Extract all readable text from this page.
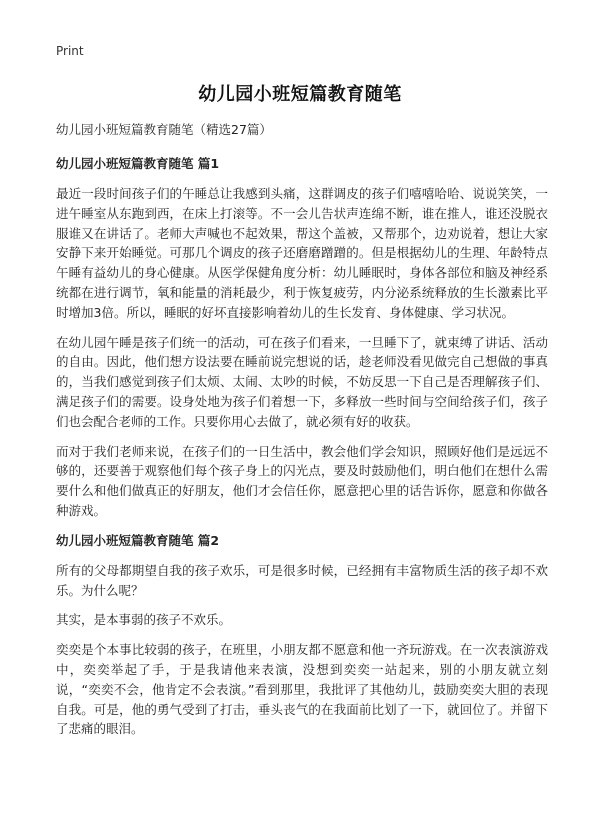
Print
幼儿园小班短篇教育随笔
幼儿园小班短篇教育随笔（精选27篇）
幼儿园小班短篇教育随笔 篇1

最近一段时间孩子们的午睡总让我感到头痛，这群调皮的孩子们嘻嘻哈哈、说说笑笑，一进午睡室从东跑到西，在床上打滚等。不一会儿告状声连绵不断，谁在推人，谁还没脱衣服谁又在讲话了。老师大声喊也不起效果，帮这个盖被，又帮那个，边劝说着，想让大家安静下来开始睡觉。可那几个调皮的孩子还磨磨蹭蹭的。但是根据幼儿的生理、年龄特点午睡有益幼儿的身心健康。从医学保健角度分析：幼儿睡眠时，身体各部位和脑及神经系统都在进行调节，氧和能量的消耗最少，利于恢复疲劳，内分泌系统释放的生长激素比平时增加3倍。所以，睡眠的好坏直接影响着幼儿的生长发育、身体健康、学习状况。

在幼儿园午睡是孩子们统一的活动，可在孩子们看来，一旦睡下了，就束缚了讲话、活动的自由。因此，他们想方设法要在睡前说完想说的话，趁老师没看见做完自己想做的事真的，当我们感觉到孩子们太烦、太闹、太吵的时候，不妨反思一下自己是否理解孩子们、满足孩子们的需要。设身处地为孩子们着想一下，多释放一些时间与空间给孩子们，孩子们也会配合老师的工作。只要你用心去做了，就必须有好的收获。

而对于我们老师来说，在孩子们的一日生活中，教会他们学会知识，照顾好他们是远远不够的，还要善于观察他们每个孩子身上的闪光点，要及时鼓励他们，明白他们在想什么需要什么和他们做真正的好朋友，他们才会信任你，愿意把心里的话告诉你，愿意和你做各种游戏。

幼儿园小班短篇教育随笔 篇2

所有的父母都期望自我的孩子欢乐，可是很多时候，已经拥有丰富物质生活的孩子却不欢乐。为什么呢？

其实，是本事弱的孩子不欢乐。

奕奕是个本事比较弱的孩子，在班里，小朋友都不愿意和他一齐玩游戏。在一次表演游戏中，奕奕举起了手，于是我请他来表演，没想到奕奕一站起来，别的小朋友就立刻说，“奕奕不会，他肯定不会表演。”看到那里，我批评了其他幼儿，鼓励奕奕大胆的表现自我。可是，他的勇气受到了打击，垂头丧气的在我面前比划了一下，就回位了。并留下了悲痛的眼泪。
